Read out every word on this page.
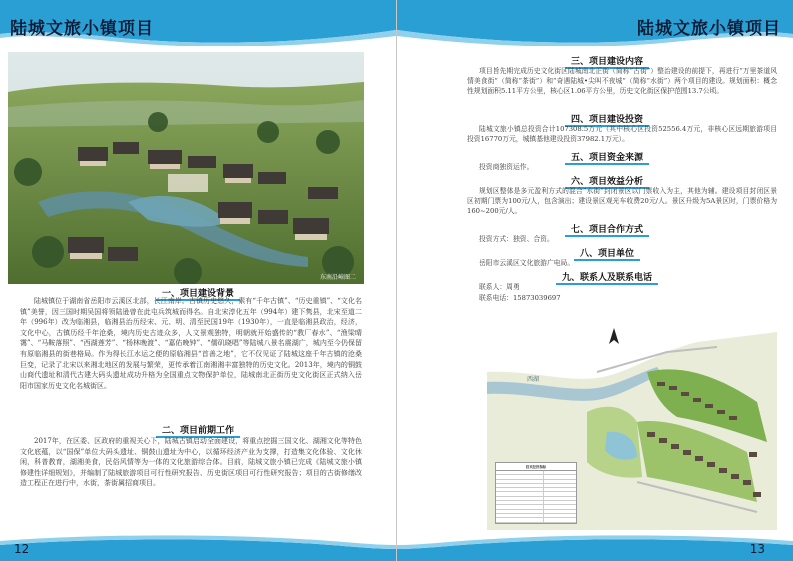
陆城文旅小镇项目
东南沿嶂图二
一、项目建设背景
陆城镇位于湖南省岳阳市云溪区北部，长江南岸。古镇历史悠久，素有“千年古镇”、“历史重镇”、“文化名镇”美誉，因三国时期吴国将领陆逊曾在此屯兵筑城而得名。自北宋淳化五年（994年）建下隽县，北宋至道二年（996年）改为临湘县，临湘县治历经宋、元、明、清至民国19年（1930年），一直是临湘县政治，经济，文化中心，古镇历经千年沧桑，境内历史古迹众多，人文景观独特，明朝就开始盛传的“教厂春水”、“渔梁晴霭”、“马鞍落照”、“西湖莲芳”、“杨林晚渡”、“嘉佑晚钟”、“儒矶晓唱”等陆城八景名震湖广，城内至今仍保留有原临湘县的街巷格局。作为得长江水运之便的原临湘县“首善之地”，它不仅见证了陆城这座千年古镇的沧桑巨变，记录了北宋以来湘北地区的发展与繁荣，更传承着江南湘湘丰富独特的历史文化。2013年，境内的铜鼓山商代遗址和清代古建大码头遗址成功升格为全国重点文物保护单位，陆城南北正街历史文化街区正式纳入岳阳市国家历史文化名城街区。
二、项目前期工作
2017年，在区委、区政府的重视关心下，陆城古镇启动全面建设，将重点挖掘三国文化、湖湘文化等特色文化底蕴，以“国保”单位大码头遗址、铜鼓山遗址为中心，以循环经济产业为支撑，打造集文化体验、文化休闲，科普教育，湖湘美食，民俗风情等为一体的文化旅游综合体。目前，陆城文旅小镇已完成《陆城文旅小镇修建性详细规划》，并编制了陆城旅游项目可行性研究报告、历史街区项目可行性研究报告；项目的古街修缮改造工程正在进行中，水街，茶街属招商项目。
12
陆城文旅小镇项目
三、项目建设内容
项目旨先期完成历史文化街区陆城南北正街（简称“古街”）整治建设的前提下，再进行“万里茶道风情美食街”（简称“茶街”）和“奇遇陆城•尖叫不夜城”（简称“水街”）两个项目的建设。规划面积：概念性规划面积5.11平方公里，核心区1.06平方公里，历史文化街区保护范围13.7公顷。
四、项目建设投资
陆城文旅小镇总投资合计107308.5万元（其中核心区投资52556.4万元，非核心区远期旅游项目投资16770万元，城镇基他建设投资37982.1万元）。
五、项目资金来源
投资商独资运作。
六、项目效益分析
规划区整体是多元盈利方式的混合“水街”封闭景区以门票收入为主，其他为辅。建设项目封闭区景区初期门票为100元/人，包含演出；建设景区观光车收费20元/人。景区升级为5A景区时，门票价格为160~200元/人。
七、项目合作方式
投资方式：独资、合资。
八、项目单位
岳阳市云溪区文化旅游广电局。
九、联系人及联系电话
联系人：周勇
联系电话：15873039697
西湖
技术经济指标
13
